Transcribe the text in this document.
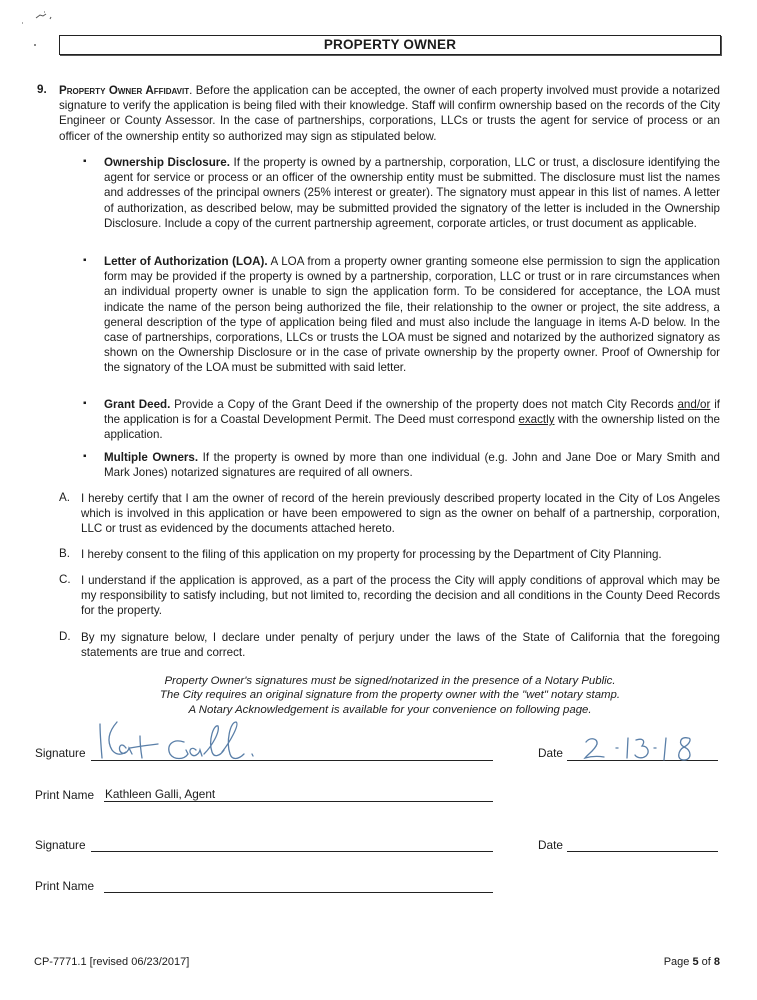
PROPERTY OWNER
9. Property Owner Affidavit. Before the application can be accepted, the owner of each property involved must provide a notarized signature to verify the application is being filed with their knowledge. Staff will confirm ownership based on the records of the City Engineer or County Assessor. In the case of partnerships, corporations, LLCs or trusts the agent for service of process or an officer of the ownership entity so authorized may sign as stipulated below.
▪ Ownership Disclosure. If the property is owned by a partnership, corporation, LLC or trust, a disclosure identifying the agent for service or process or an officer of the ownership entity must be submitted. The disclosure must list the names and addresses of the principal owners (25% interest or greater). The signatory must appear in this list of names. A letter of authorization, as described below, may be submitted provided the signatory of the letter is included in the Ownership Disclosure. Include a copy of the current partnership agreement, corporate articles, or trust document as applicable.
▪ Letter of Authorization (LOA). A LOA from a property owner granting someone else permission to sign the application form may be provided if the property is owned by a partnership, corporation, LLC or trust or in rare circumstances when an individual property owner is unable to sign the application form. To be considered for acceptance, the LOA must indicate the name of the person being authorized the file, their relationship to the owner or project, the site address, a general description of the type of application being filed and must also include the language in items A-D below. In the case of partnerships, corporations, LLCs or trusts the LOA must be signed and notarized by the authorized signatory as shown on the Ownership Disclosure or in the case of private ownership by the property owner. Proof of Ownership for the signatory of the LOA must be submitted with said letter.
▪ Grant Deed. Provide a Copy of the Grant Deed if the ownership of the property does not match City Records and/or if the application is for a Coastal Development Permit. The Deed must correspond exactly with the ownership listed on the application.
▪ Multiple Owners. If the property is owned by more than one individual (e.g. John and Jane Doe or Mary Smith and Mark Jones) notarized signatures are required of all owners.
A. I hereby certify that I am the owner of record of the herein previously described property located in the City of Los Angeles which is involved in this application or have been empowered to sign as the owner on behalf of a partnership, corporation, LLC or trust as evidenced by the documents attached hereto.
B. I hereby consent to the filing of this application on my property for processing by the Department of City Planning.
C. I understand if the application is approved, as a part of the process the City will apply conditions of approval which may be my responsibility to satisfy including, but not limited to, recording the decision and all conditions in the County Deed Records for the property.
D. By my signature below, I declare under penalty of perjury under the laws of the State of California that the foregoing statements are true and correct.
Property Owner's signatures must be signed/notarized in the presence of a Notary Public.
The City requires an original signature from the property owner with the "wet" notary stamp.
A Notary Acknowledgement is available for your convenience on following page.
Signature	Date
Print Name Kathleen Galli, Agent
Signature	Date
Print Name
CP-7771.1 [revised 06/23/2017]	Page 5 of 8
